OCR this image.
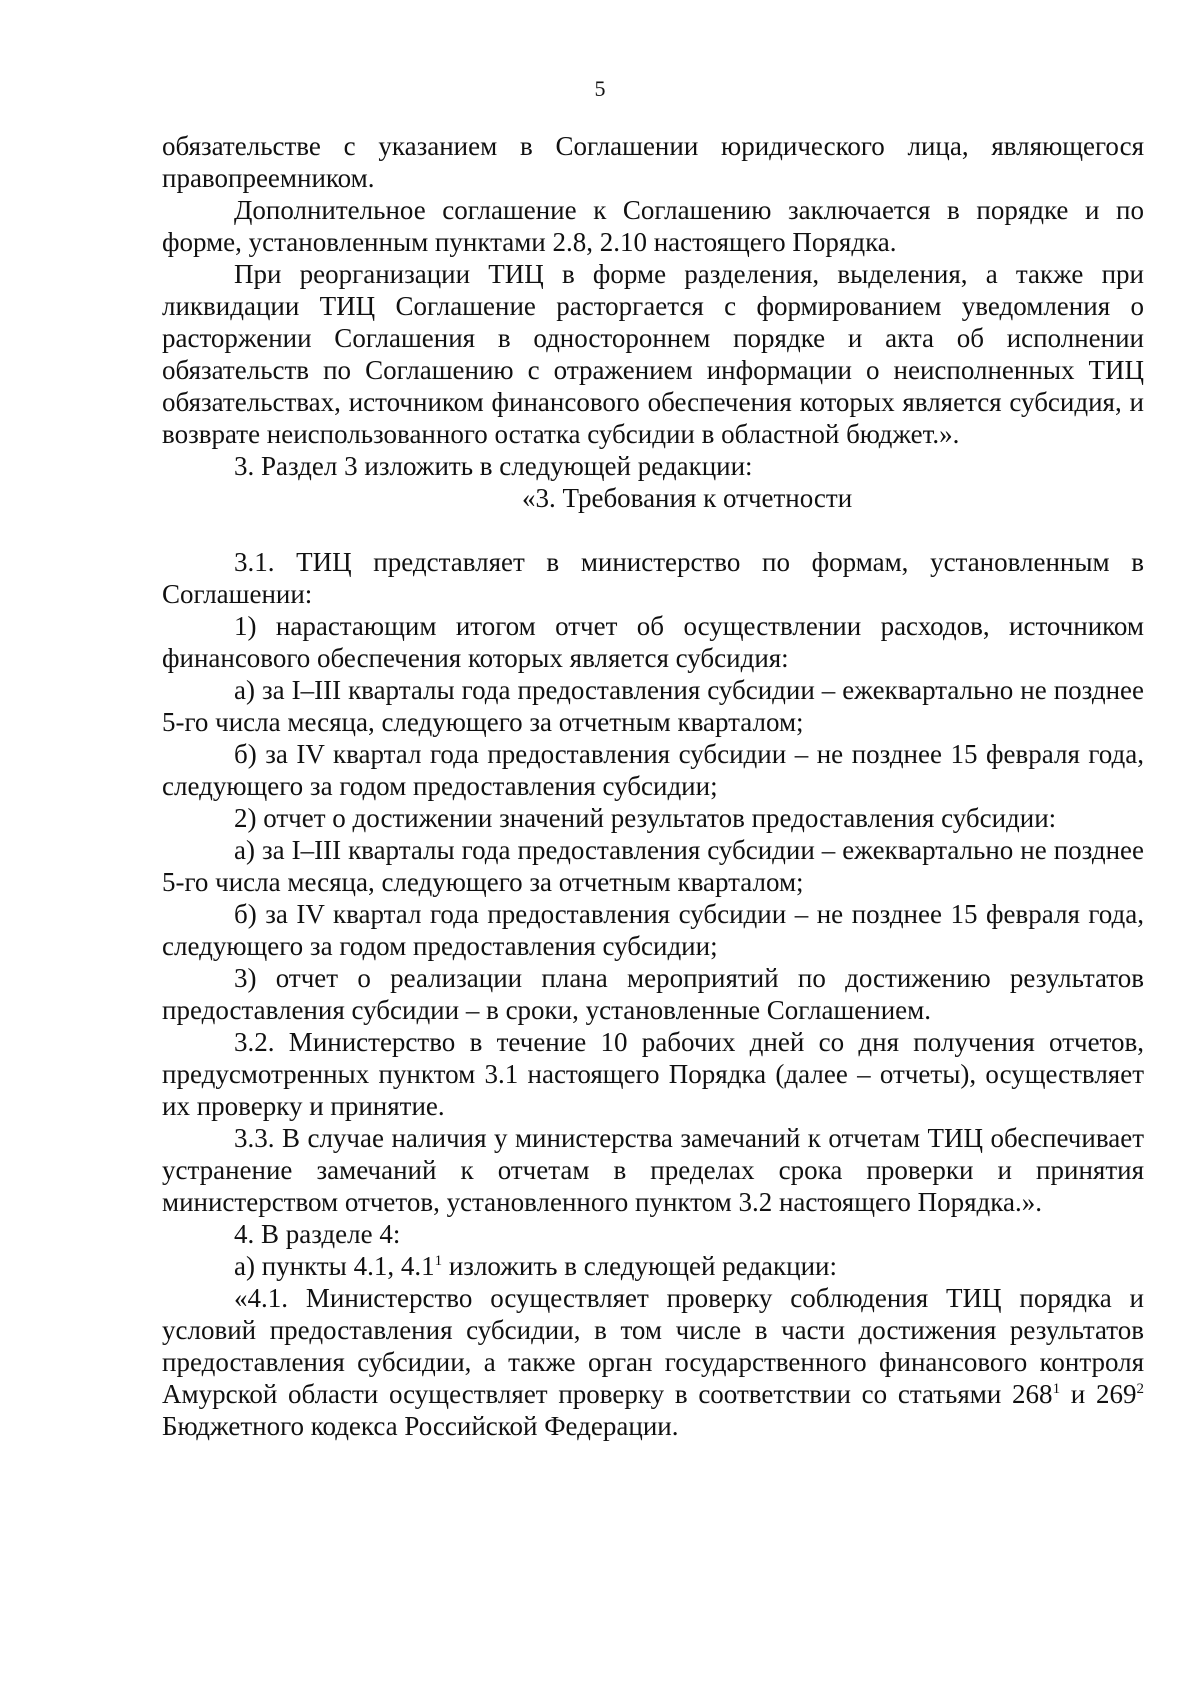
5

обязательстве с указанием в Соглашении юридического лица, являющегося правопреемником.

Дополнительное соглашение к Соглашению заключается в порядке и по форме, установленным пунктами 2.8, 2.10 настоящего Порядка.

При реорганизации ТИЦ в форме разделения, выделения, а также при ликвидации ТИЦ Соглашение расторгается с формированием уведомления о расторжении Соглашения в одностороннем порядке и акта об исполнении обязательств по Соглашению с отражением информации о неисполненных ТИЦ обязательствах, источником финансового обеспечения которых является субсидия, и возврате неиспользованного остатка субсидии в областной бюджет.».

3. Раздел 3 изложить в следующей редакции:

«3. Требования к отчетности

3.1. ТИЦ представляет в министерство по формам, установленным в Соглашении:

1) нарастающим итогом отчет об осуществлении расходов, источником финансового обеспечения которых является субсидия:

а) за I–III кварталы года предоставления субсидии – ежеквартально не позднее 5-го числа месяца, следующего за отчетным кварталом;

б) за IV квартал года предоставления субсидии – не позднее 15 февраля года, следующего за годом предоставления субсидии;

2) отчет о достижении значений результатов предоставления субсидии:

а) за I–III кварталы года предоставления субсидии – ежеквартально не позднее 5-го числа месяца, следующего за отчетным кварталом;

б) за IV квартал года предоставления субсидии – не позднее 15 февраля года, следующего за годом предоставления субсидии;

3) отчет о реализации плана мероприятий по достижению результатов предоставления субсидии – в сроки, установленные Соглашением.

3.2. Министерство в течение 10 рабочих дней со дня получения отчетов, предусмотренных пунктом 3.1 настоящего Порядка (далее – отчеты), осуществляет их проверку и принятие.

3.3. В случае наличия у министерства замечаний к отчетам ТИЦ обеспечивает устранение замечаний к отчетам в пределах срока проверки и принятия министерством отчетов, установленного пунктом 3.2 настоящего Порядка.».

4. В разделе 4:

а) пункты 4.1, $4.1^1$ изложить в следующей редакции:

«4.1. Министерство осуществляет проверку соблюдения ТИЦ порядка и условий предоставления субсидии, в том числе в части достижения результатов предоставления субсидии, а также орган государственного финансового контроля Амурской области осуществляет проверку в соответствии со статьями $268^1$ и $269^2$ Бюджетного кодекса Российской Федерации.
